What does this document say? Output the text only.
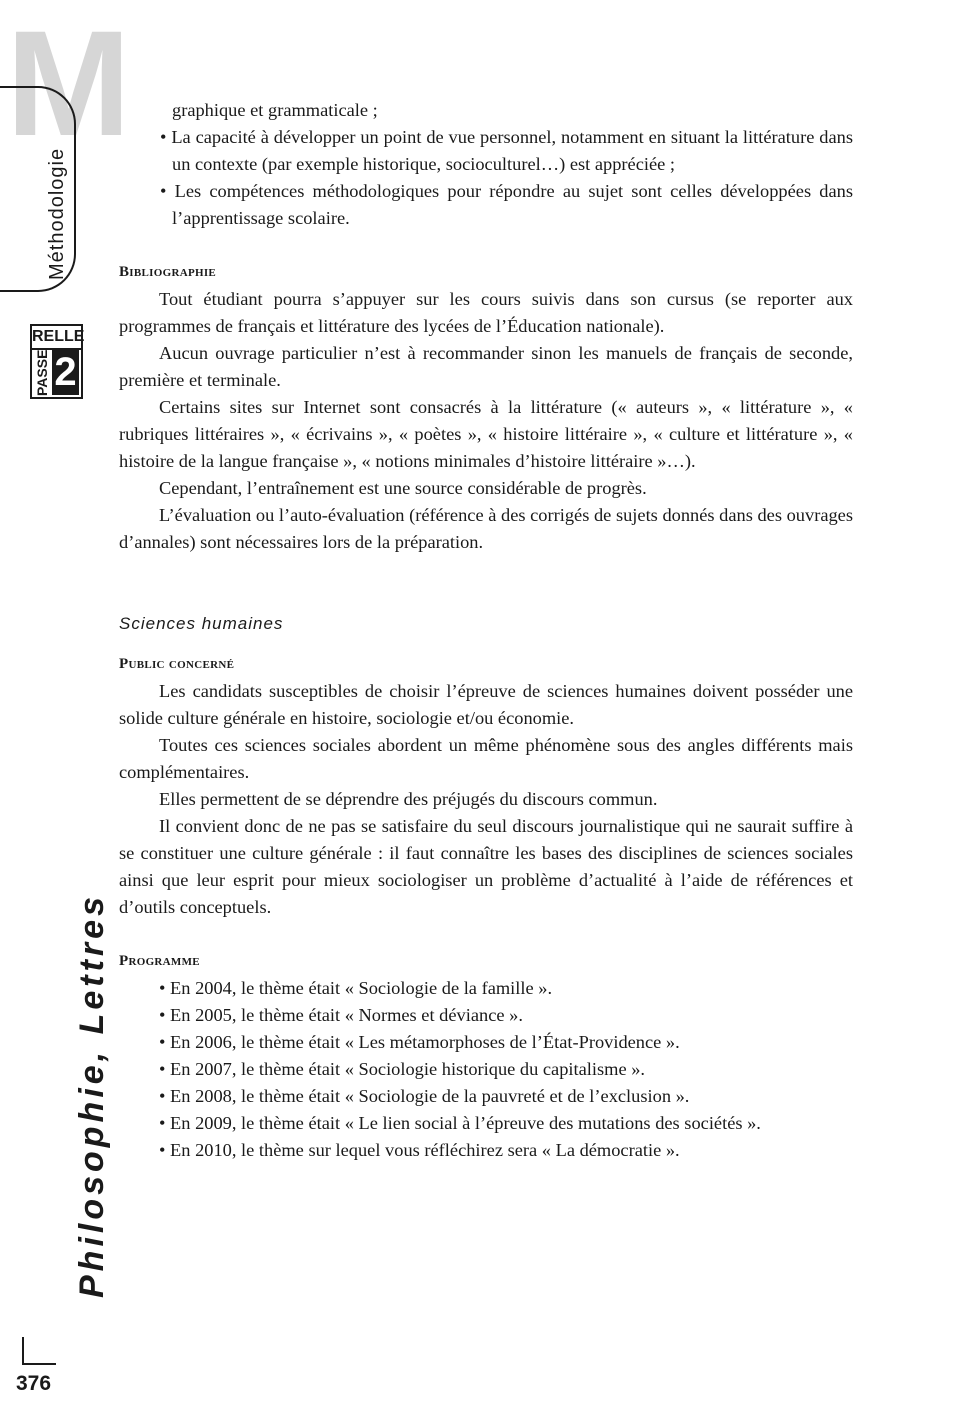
M
Méthodologie
RELLE
PASSE 2
Philosophie, Lettres
376

graphique et grammaticale ;

• La capacité à développer un point de vue personnel, notamment en situant la littérature dans un contexte (par exemple historique, socioculturel…) est appréciée ;

• Les compétences méthodologiques pour répondre au sujet sont celles développées dans l’apprentissage scolaire.

Bibliographie

Tout étudiant pourra s’appuyer sur les cours suivis dans son cursus (se reporter aux programmes de français et littérature des lycées de l’Éducation nationale).

Aucun ouvrage particulier n’est à recommander sinon les manuels de français de seconde, première et terminale.

Certains sites sur Internet sont consacrés à la littérature (« auteurs », « littérature », « rubriques littéraires », « écrivains », « poètes », « histoire littéraire », « culture et littérature », « histoire de la langue française », « notions minimales d’histoire littéraire »…).

Cependant, l’entraînement est une source considérable de progrès.

L’évaluation ou l’auto-évaluation (référence à des corrigés de sujets donnés dans des ouvrages d’annales) sont nécessaires lors de la préparation.

Sciences humaines

Public concerné

Les candidats susceptibles de choisir l’épreuve de sciences humaines doivent posséder une solide culture générale en histoire, sociologie et/ou économie.

Toutes ces sciences sociales abordent un même phénomène sous des angles différents mais complémentaires.

Elles permettent de se déprendre des préjugés du discours commun.

Il convient donc de ne pas se satisfaire du seul discours journalistique qui ne saurait suffire à se constituer une culture générale : il faut connaître les bases des disciplines de sciences sociales ainsi que leur esprit pour mieux sociologiser un problème d’actualité à l’aide de références et d’outils conceptuels.

Programme

• En 2004, le thème était « Sociologie de la famille ».

• En 2005, le thème était « Normes et déviance ».

• En 2006, le thème était « Les métamorphoses de l’État-Providence ».

• En 2007, le thème était « Sociologie historique du capitalisme ».

• En 2008, le thème était « Sociologie de la pauvreté et de l’exclusion ».

• En 2009, le thème était « Le lien social à l’épreuve des mutations des sociétés ».

• En 2010, le thème sur lequel vous réfléchirez sera « La démocratie ».
